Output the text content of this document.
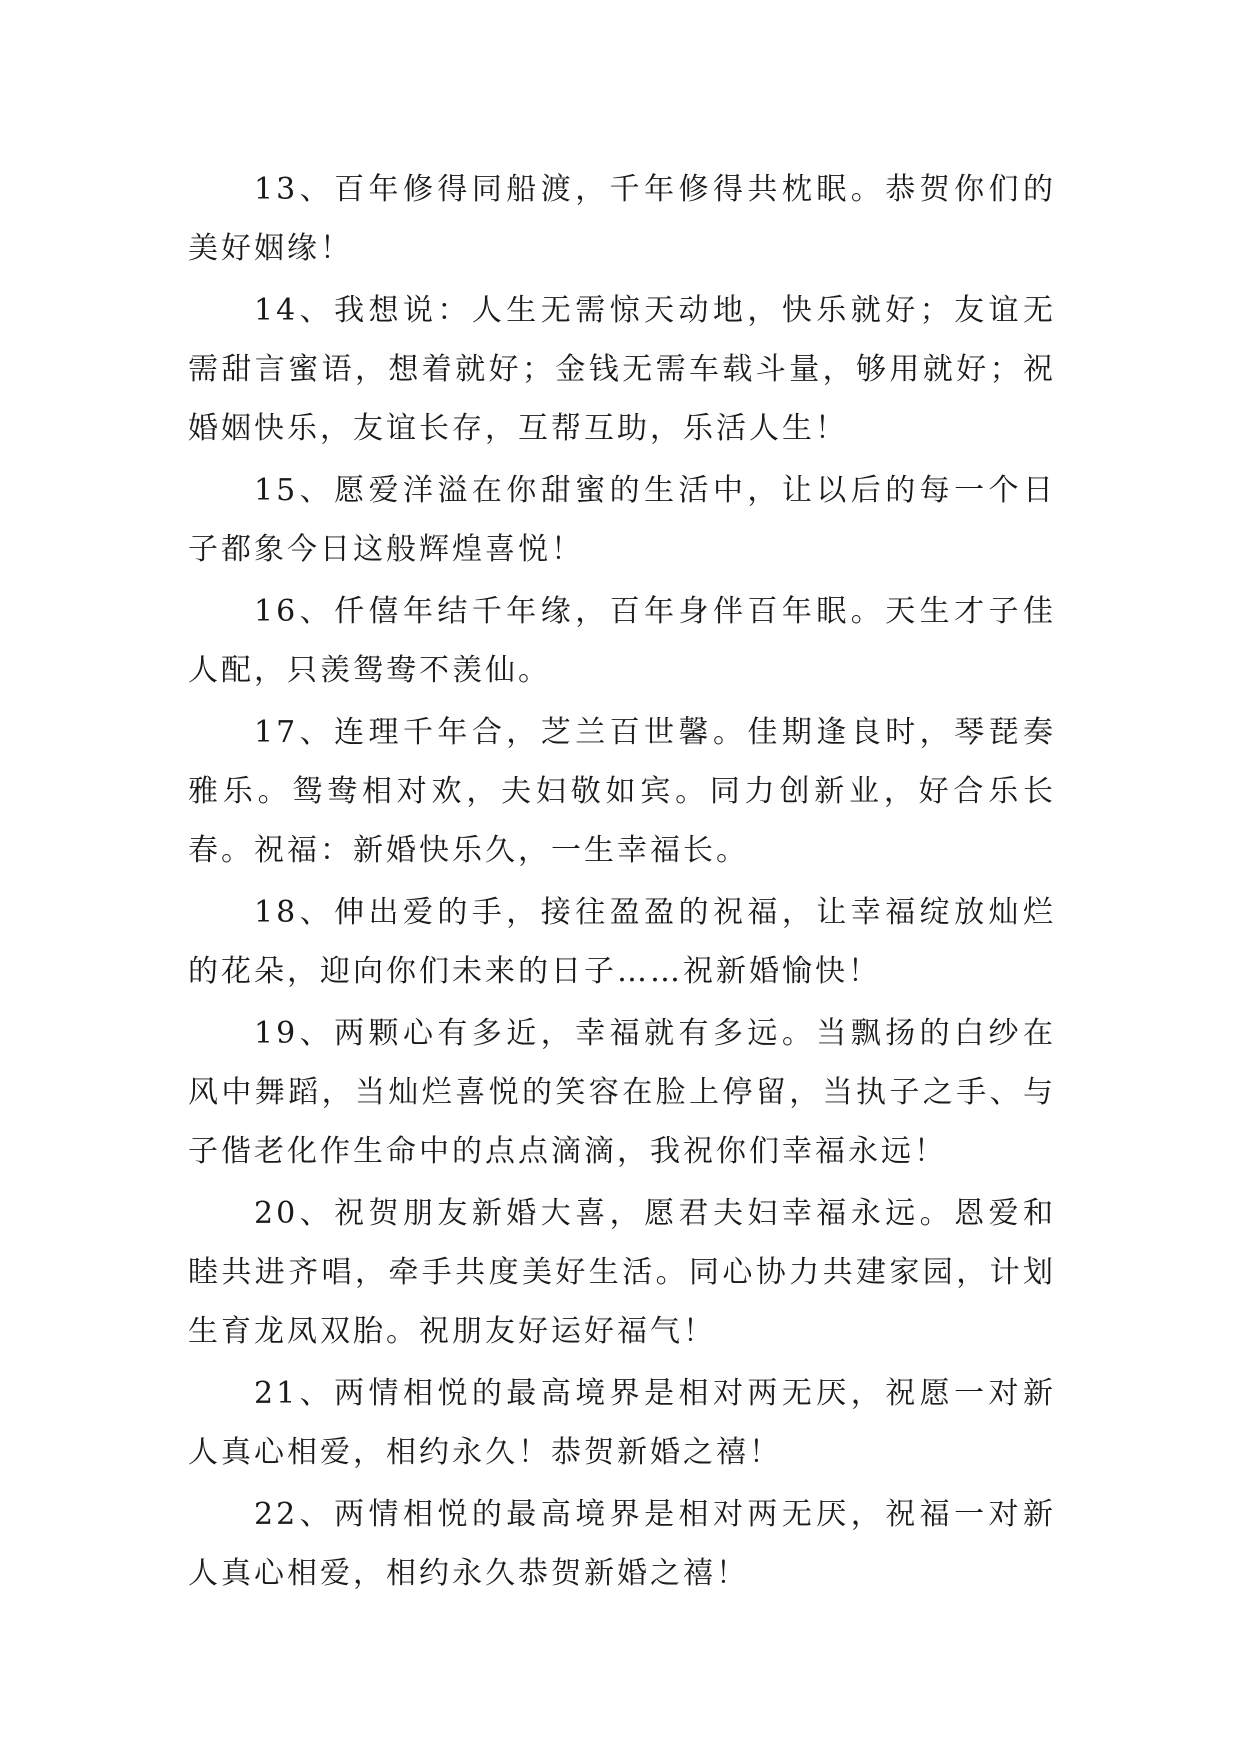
13、百年修得同船渡，千年修得共枕眠。恭贺你们的美好姻缘！

14、我想说：人生无需惊天动地，快乐就好；友谊无需甜言蜜语，想着就好；金钱无需车载斗量，够用就好；祝婚姻快乐，友谊长存，互帮互助，乐活人生！

15、愿爱洋溢在你甜蜜的生活中，让以后的每一个日子都象今日这般辉煌喜悦！

16、仟僖年结千年缘，百年身伴百年眠。天生才子佳人配，只羡鸳鸯不羡仙。

17、连理千年合，芝兰百世馨。佳期逢良时，琴琵奏雅乐。鸳鸯相对欢，夫妇敬如宾。同力创新业，好合乐长春。祝福：新婚快乐久，一生幸福长。

18、伸出爱的手，接往盈盈的祝福，让幸福绽放灿烂的花朵，迎向你们未来的日子……祝新婚愉快！

19、两颗心有多近，幸福就有多远。当飘扬的白纱在风中舞蹈，当灿烂喜悦的笑容在脸上停留，当执子之手、与子偕老化作生命中的点点滴滴，我祝你们幸福永远！

20、祝贺朋友新婚大喜，愿君夫妇幸福永远。恩爱和睦共进齐唱，牵手共度美好生活。同心协力共建家园，计划生育龙凤双胎。祝朋友好运好福气！

21、两情相悦的最高境界是相对两无厌，祝愿一对新人真心相爱，相约永久！恭贺新婚之禧！

22、两情相悦的最高境界是相对两无厌，祝福一对新人真心相爱，相约永久恭贺新婚之禧！
